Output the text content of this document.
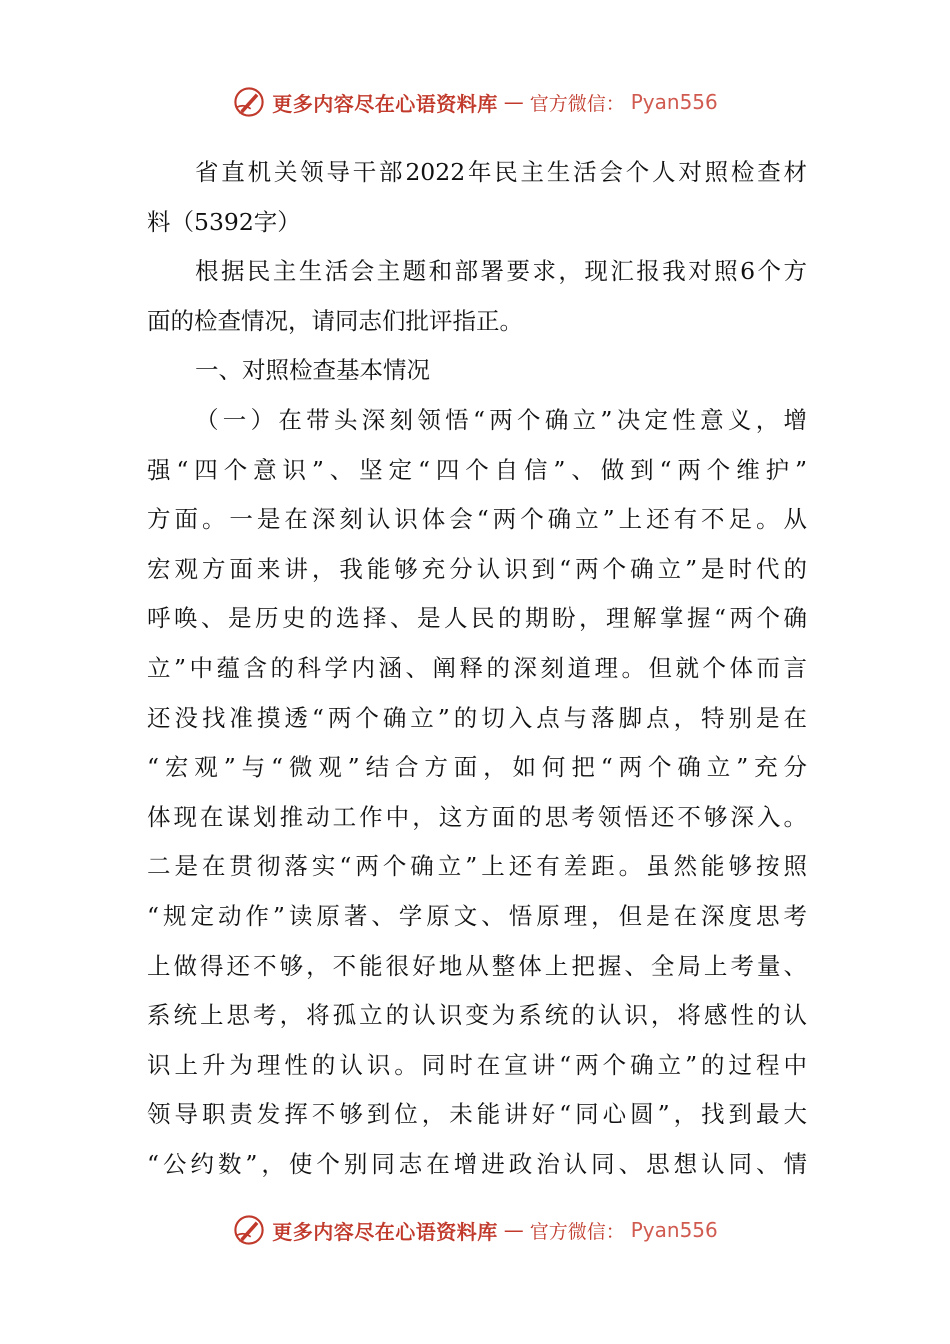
更多内容尽在心语资料库 — 官方微信： Pyan556
省直机关领导干部2022年民主生活会个人对照检查材
料（5392字）
根据民主生活会主题和部署要求，现汇报我对照6个方
面的检查情况，请同志们批评指正。
一、对照检查基本情况
（一）在带头深刻领悟“两个确立”决定性意义，增
强“四个意识”、坚定“四个自信”、做到“两个维护”
方面。一是在深刻认识体会“两个确立”上还有不足。从
宏观方面来讲，我能够充分认识到“两个确立”是时代的
呼唤、是历史的选择、是人民的期盼，理解掌握“两个确
立”中蕴含的科学内涵、阐释的深刻道理。但就个体而言
还没找准摸透“两个确立”的切入点与落脚点，特别是在
“宏观”与“微观”结合方面，如何把“两个确立”充分
体现在谋划推动工作中，这方面的思考领悟还不够深入。
二是在贯彻落实“两个确立”上还有差距。虽然能够按照
“规定动作”读原著、学原文、悟原理，但是在深度思考
上做得还不够，不能很好地从整体上把握、全局上考量、
系统上思考，将孤立的认识变为系统的认识，将感性的认
识上升为理性的认识。同时在宣讲“两个确立”的过程中
领导职责发挥不够到位，未能讲好“同心圆”，找到最大
“公约数”，使个别同志在增进政治认同、思想认同、情
更多内容尽在心语资料库 — 官方微信： Pyan556
